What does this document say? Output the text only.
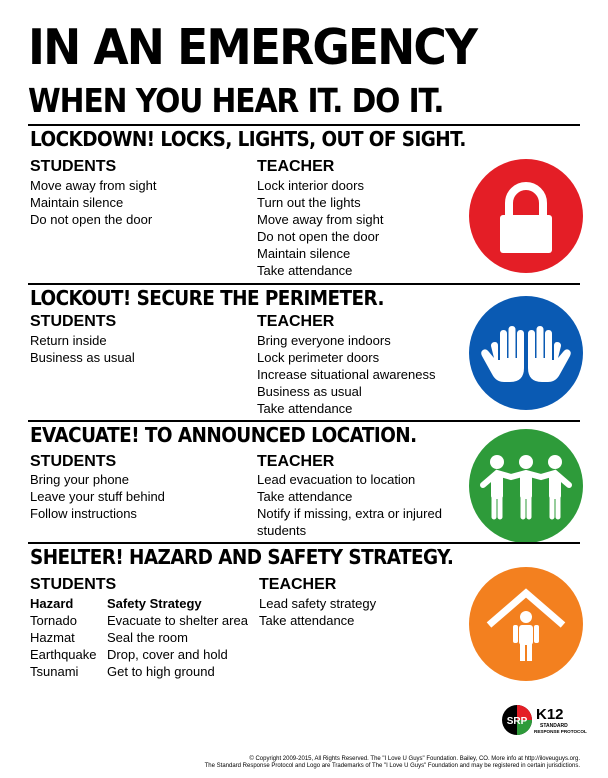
IN AN EMERGENCY
WHEN YOU HEAR IT. DO IT.
LOCKDOWN! LOCKS, LIGHTS, OUT OF SIGHT.
STUDENTS
Move away from sight
Maintain silence
Do not open the door
TEACHER
Lock interior doors
Turn out the lights
Move away from sight
Do not open the door
Maintain silence
Take attendance
LOCKOUT! SECURE THE PERIMETER.
STUDENTS
Return inside
Business as usual
TEACHER
Bring everyone indoors
Lock perimeter doors
Increase situational awareness
Business as usual
Take attendance
EVACUATE! TO ANNOUNCED LOCATION.
STUDENTS
Bring your phone
Leave your stuff behind
Follow instructions
TEACHER
Lead evacuation to location
Take attendance
Notify if missing, extra or injured
students
SHELTER! HAZARD AND SAFETY STRATEGY.
STUDENTS
Hazard
Tornado
Hazmat
Earthquake
Tsunami
Safety Strategy
Evacuate to shelter area
Seal the room
Drop, cover and hold
Get to high ground
TEACHER
Lead safety strategy
Take attendance
SRP K12
STANDARD
RESPONSE PROTOCOL
© Copyright 2009-2015, All Rights Reserved. The "I Love U Guys" Foundation. Bailey, CO. More info at http://iloveuguys.org.
The Standard Response Protocol and Logo are Trademarks of The "I Love U Guys" Foundation and may be registered in certain jurisdictions.
